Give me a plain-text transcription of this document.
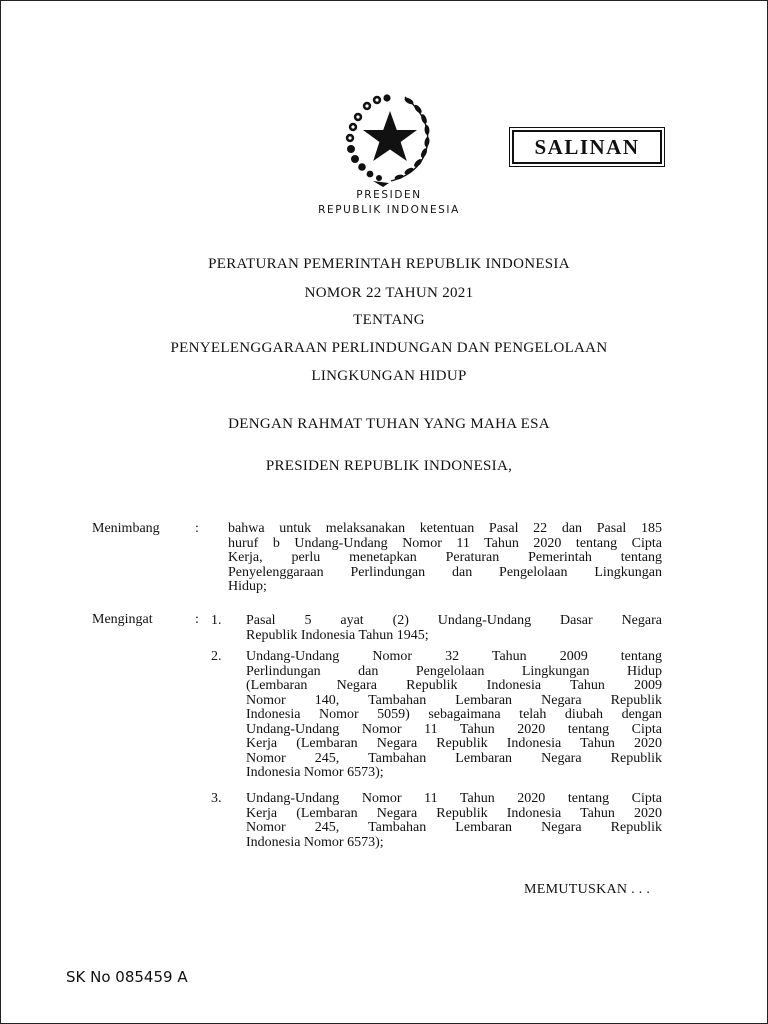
SALINAN
PRESIDEN
REPUBLIK INDONESIA
PERATURAN PEMERINTAH REPUBLIK INDONESIA
NOMOR 22 TAHUN 2021
TENTANG
PENYELENGGARAAN PERLINDUNGAN DAN PENGELOLAAN
LINGKUNGAN HIDUP
DENGAN RAHMAT TUHAN YANG MAHA ESA
PRESIDEN REPUBLIK INDONESIA,
Menimbang	: bahwa untuk melaksanakan ketentuan Pasal 22 dan Pasal 185
huruf b Undang-Undang Nomor 11 Tahun 2020 tentang Cipta
Kerja, perlu menetapkan Peraturan Pemerintah tentang
Penyelenggaraan Perlindungan dan Pengelolaan Lingkungan
Hidup;
Mengingat	: 1. Pasal 5 ayat (2) Undang-Undang Dasar Negara
Republik Indonesia Tahun 1945;
2. Undang-Undang Nomor 32 Tahun 2009 tentang
Perlindungan dan Pengelolaan Lingkungan Hidup
(Lembaran Negara Republik Indonesia Tahun 2009
Nomor 140, Tambahan Lembaran Negara Republik
Indonesia Nomor 5059) sebagaimana telah diubah dengan
Undang-Undang Nomor 11 Tahun 2020 tentang Cipta
Kerja (Lembaran Negara Republik Indonesia Tahun 2020
Nomor 245, Tambahan Lembaran Negara Republik
Indonesia Nomor 6573);
3. Undang-Undang Nomor 11 Tahun 2020 tentang Cipta
Kerja (Lembaran Negara Republik Indonesia Tahun 2020
Nomor 245, Tambahan Lembaran Negara Republik
Indonesia Nomor 6573);
MEMUTUSKAN . . .
SK No 085459 A
